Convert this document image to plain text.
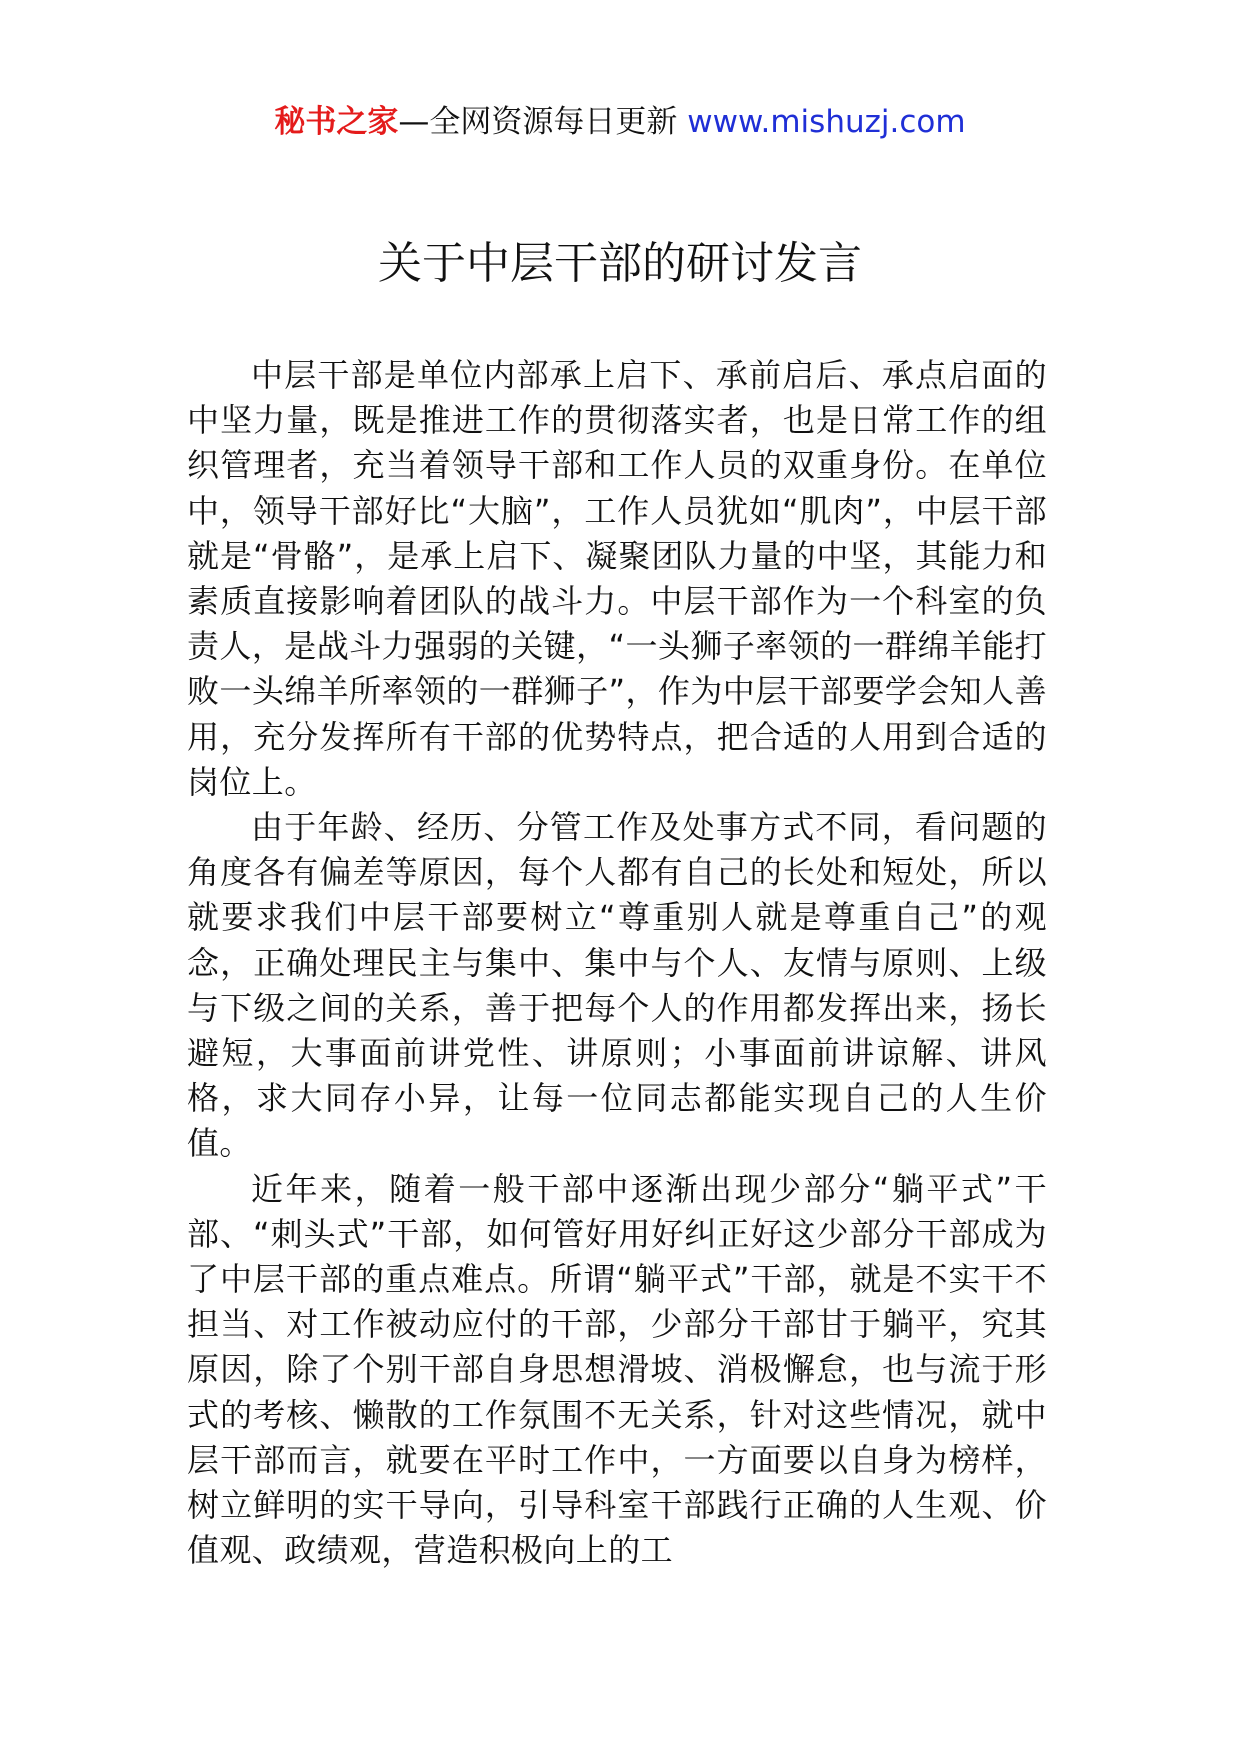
秘书之家—全网资源每日更新 www.mishuzj.com
关于中层干部的研讨发言

中层干部是单位内部承上启下、承前启后、承点启面的中坚力量，既是推进工作的贯彻落实者，也是日常工作的组织管理者，充当着领导干部和工作人员的双重身份。在单位中，领导干部好比“大脑”，工作人员犹如“肌肉”，中层干部就是“骨骼”，是承上启下、凝聚团队力量的中坚，其能力和素质直接影响着团队的战斗力。中层干部作为一个科室的负责人，是战斗力强弱的关键，“一头狮子率领的一群绵羊能打败一头绵羊所率领的一群狮子”，作为中层干部要学会知人善用，充分发挥所有干部的优势特点，把合适的人用到合适的岗位上。

由于年龄、经历、分管工作及处事方式不同，看问题的角度各有偏差等原因，每个人都有自己的长处和短处，所以就要求我们中层干部要树立“尊重别人就是尊重自己”的观念，正确处理民主与集中、集中与个人、友情与原则、上级与下级之间的关系，善于把每个人的作用都发挥出来，扬长避短，大事面前讲党性、讲原则；小事面前讲谅解、讲风格，求大同存小异，让每一位同志都能实现自己的人生价值。

近年来，随着一般干部中逐渐出现少部分“躺平式”干部、“刺头式”干部，如何管好用好纠正好这少部分干部成为了中层干部的重点难点。所谓“躺平式”干部，就是不实干不担当、对工作被动应付的干部，少部分干部甘于躺平，究其原因，除了个别干部自身思想滑坡、消极懈怠，也与流于形式的考核、懒散的工作氛围不无关系，针对这些情况，就中层干部而言，就要在平时工作中，一方面要以自身为榜样，树立鲜明的实干导向，引导科室干部践行正确的人生观、价值观、政绩观，营造积极向上的工
